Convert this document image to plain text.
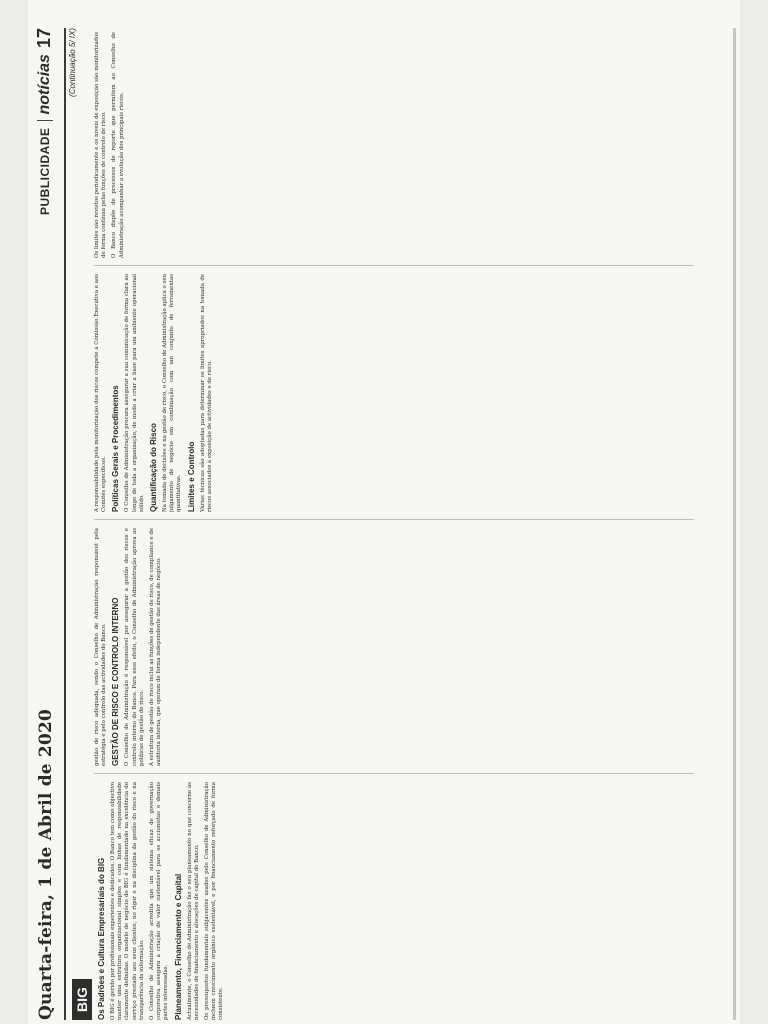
Quarta-feira, 1 de Abril de 2020
PUBLICIDADE
notícias
17 (Continuação 5/ IX)
BIG Os Padrões e Cultura Empresariais do BIG O BIG é gerido por profissionais experientes e dedicados. O Banco tem como objectivo manter uma estrutura organizacional simples e com linhas de responsabilidade claramente definidas. O modelo de negócio do BIG é fundamentado na excelência do serviço prestado aos seus clientes, no rigor e na disciplina da gestão do risco e na transparência da informação. O Conselho de Administração acredita que um sistema eficaz de governação corporativa assegura a criação de valor sustentável para os accionistas e demais partes interessadas. Planeamento, Financiamento e Capital Actualmente, o Conselho de Administração faz o seu planeamento no que concerne às necessidades de financiamento e alocações de capital do Banco. Os pressupostos fundamentais subjacentes usados pelo Conselho de Administração incluem crescimento orgânico sustentável, e por financiamento reforçado de forma consistente.

gestão de risco adequada, sendo o Conselho de Administração responsável pela estratégia e pelo controlo das actividades do Banco. GESTÃO DE RISCO E CONTROLO INTERNO O Conselho de Administração é responsável por assegurar a gestão dos riscos e controlo interno do Banco. Para esse efeito, o Conselho de Administração aprova as políticas de gestão de risco. A estrutura de gestão de risco inclui as funções de gestão de risco, de compliance e de auditoria interna, que operam de forma independente das áreas de negócio.

A responsabilidade pela monitorização dos riscos compete à Comissão Executiva e aos Comités específicos. Políticas Gerais e Procedimentos O Conselho de Administração procura assegurar a sua comunicação de forma clara ao longo de toda a organização, de modo a criar a base para um ambiente operacional sólido. Quantificação do Risco Na tomada de decisões e na gestão de risco, o Conselho de Administração aplica o seu julgamento de negócio em combinação com um conjunto de ferramentas quantitativas. Limites e Controlo Várias técnicas são adoptadas para determinar os limites apropriados na tomada de riscos associados à exposição de actividades e de risco.

Os limites são revistos periodicamente e os níveis de exposição são monitorizados de forma contínua pelas funções de controlo de risco. O Banco dispõe de processos de reporte que permitem ao Conselho de Administração acompanhar a evolução dos principais riscos.
